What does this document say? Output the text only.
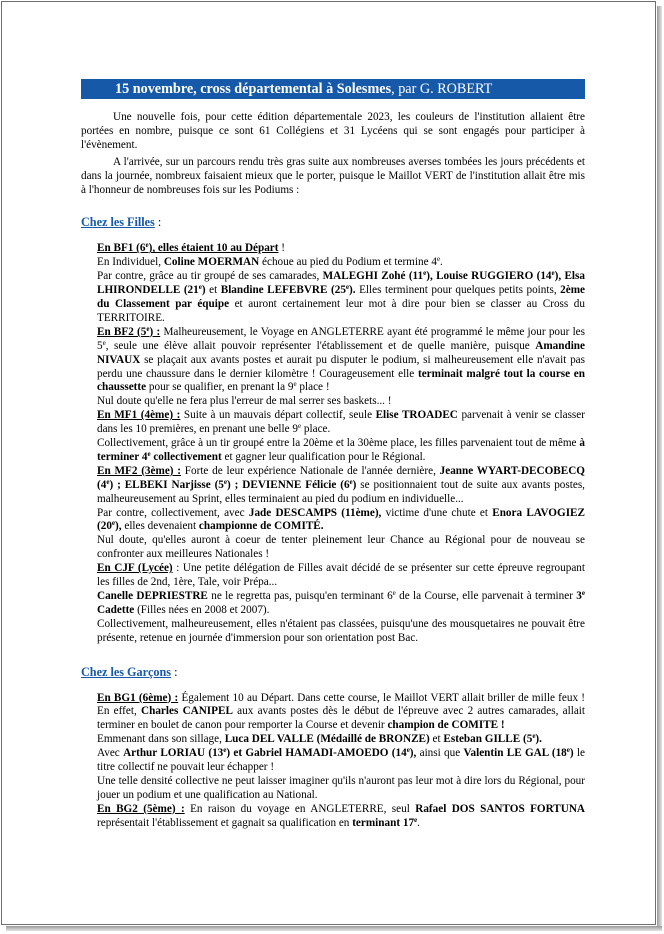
15 novembre, cross départemental à Solesmes, par G. ROBERT

Une nouvelle fois, pour cette édition départementale 2023, les couleurs de l'institution allaient être portées en nombre, puisque ce sont 61 Collégiens et 31 Lycéens qui se sont engagés pour participer à l'évènement.

A l'arrivée, sur un parcours rendu très gras suite aux nombreuses averses tombées les jours précédents et dans la journée, nombreux faisaient mieux que le porter, puisque le Maillot VERT de l'institution allait être mis à l'honneur de nombreuses fois sur les Podiums :

Chez les Filles :

En BF1 (6e), elles étaient 10 au Départ !

En Individuel, Coline MOERMAN échoue au pied du Podium et termine 4e.

Par contre, grâce au tir groupé de ses camarades, MALEGHI Zohé (11e), Louise RUGGIERO (14e), Elsa LHIRONDELLE (21e) et Blandine LEFEBVRE (25e). Elles terminent pour quelques petits points, 2ème du Classement par équipe et auront certainement leur mot à dire pour bien se classer au Cross du TERRITOIRE.

En BF2 (5e) : Malheureusement, le Voyage en ANGLETERRE ayant été programmé le même jour pour les 5e, seule une élève allait pouvoir représenter l'établissement et de quelle manière, puisque Amandine NIVAUX se plaçait aux avants postes et aurait pu disputer le podium, si malheureusement elle n'avait pas perdu une chaussure dans le dernier kilomètre ! Courageusement elle terminait malgré tout la course en chaussette pour se qualifier, en prenant la 9e place !

Nul doute qu'elle ne fera plus l'erreur de mal serrer ses baskets... !

En MF1 (4ème) : Suite à un mauvais départ collectif, seule Elise TROADEC parvenait à venir se classer dans les 10 premières, en prenant une belle 9e place.

Collectivement, grâce à un tir groupé entre la 20ème et la 30ème place, les filles parvenaient tout de même à terminer 4e collectivement et gagner leur qualification pour le Régional.

En MF2 (3ème) : Forte de leur expérience Nationale de l'année dernière, Jeanne WYART-DECOBECQ (4e) ; ELBEKI Narjisse (5e) ; DEVIENNE Félicie (6e) se positionnaient tout de suite aux avants postes, malheureusement au Sprint, elles terminaient au pied du podium en individuelle...

Par contre, collectivement, avec Jade DESCAMPS (11ème), victime d'une chute et Enora LAVOGIEZ (20e), elles devenaient championne de COMITÉ.

Nul doute, qu'elles auront à coeur de tenter pleinement leur Chance au Régional pour de nouveau se confronter aux meilleures Nationales !

En CJF (Lycée) : Une petite délégation de Filles avait décidé de se présenter sur cette épreuve regroupant les filles de 2nd, 1ère, Tale, voir Prépa...

Canelle DEPRIESTRE ne le regretta pas, puisqu'en terminant 6e de la Course, elle parvenait à terminer 3e Cadette (Filles nées en 2008 et 2007).

Collectivement, malheureusement, elles n'étaient pas classées, puisqu'une des mousquetaires ne pouvait être présente, retenue en journée d'immersion pour son orientation post Bac.

Chez les Garçons :

En BG1 (6ème) : Également 10 au Départ. Dans cette course, le Maillot VERT allait briller de mille feux ! En effet, Charles CANIPEL aux avants postes dès le début de l'épreuve avec 2 autres camarades, allait terminer en boulet de canon pour remporter la Course et devenir champion de COMITE !

Emmenant dans son sillage, Luca DEL VALLE (Médaillé de BRONZE) et Esteban GILLE (5e).

Avec Arthur LORIAU (13e) et Gabriel HAMADI-AMOEDO (14e), ainsi que Valentin LE GAL (18e) le titre collectif ne pouvait leur échapper !

Une telle densité collective ne peut laisser imaginer qu'ils n'auront pas leur mot à dire lors du Régional, pour jouer un podium et une qualification au National.

En BG2 (5ème) : En raison du voyage en ANGLETERRE, seul Rafael DOS SANTOS FORTUNA représentait l'établissement et gagnait sa qualification en terminant 17e.
